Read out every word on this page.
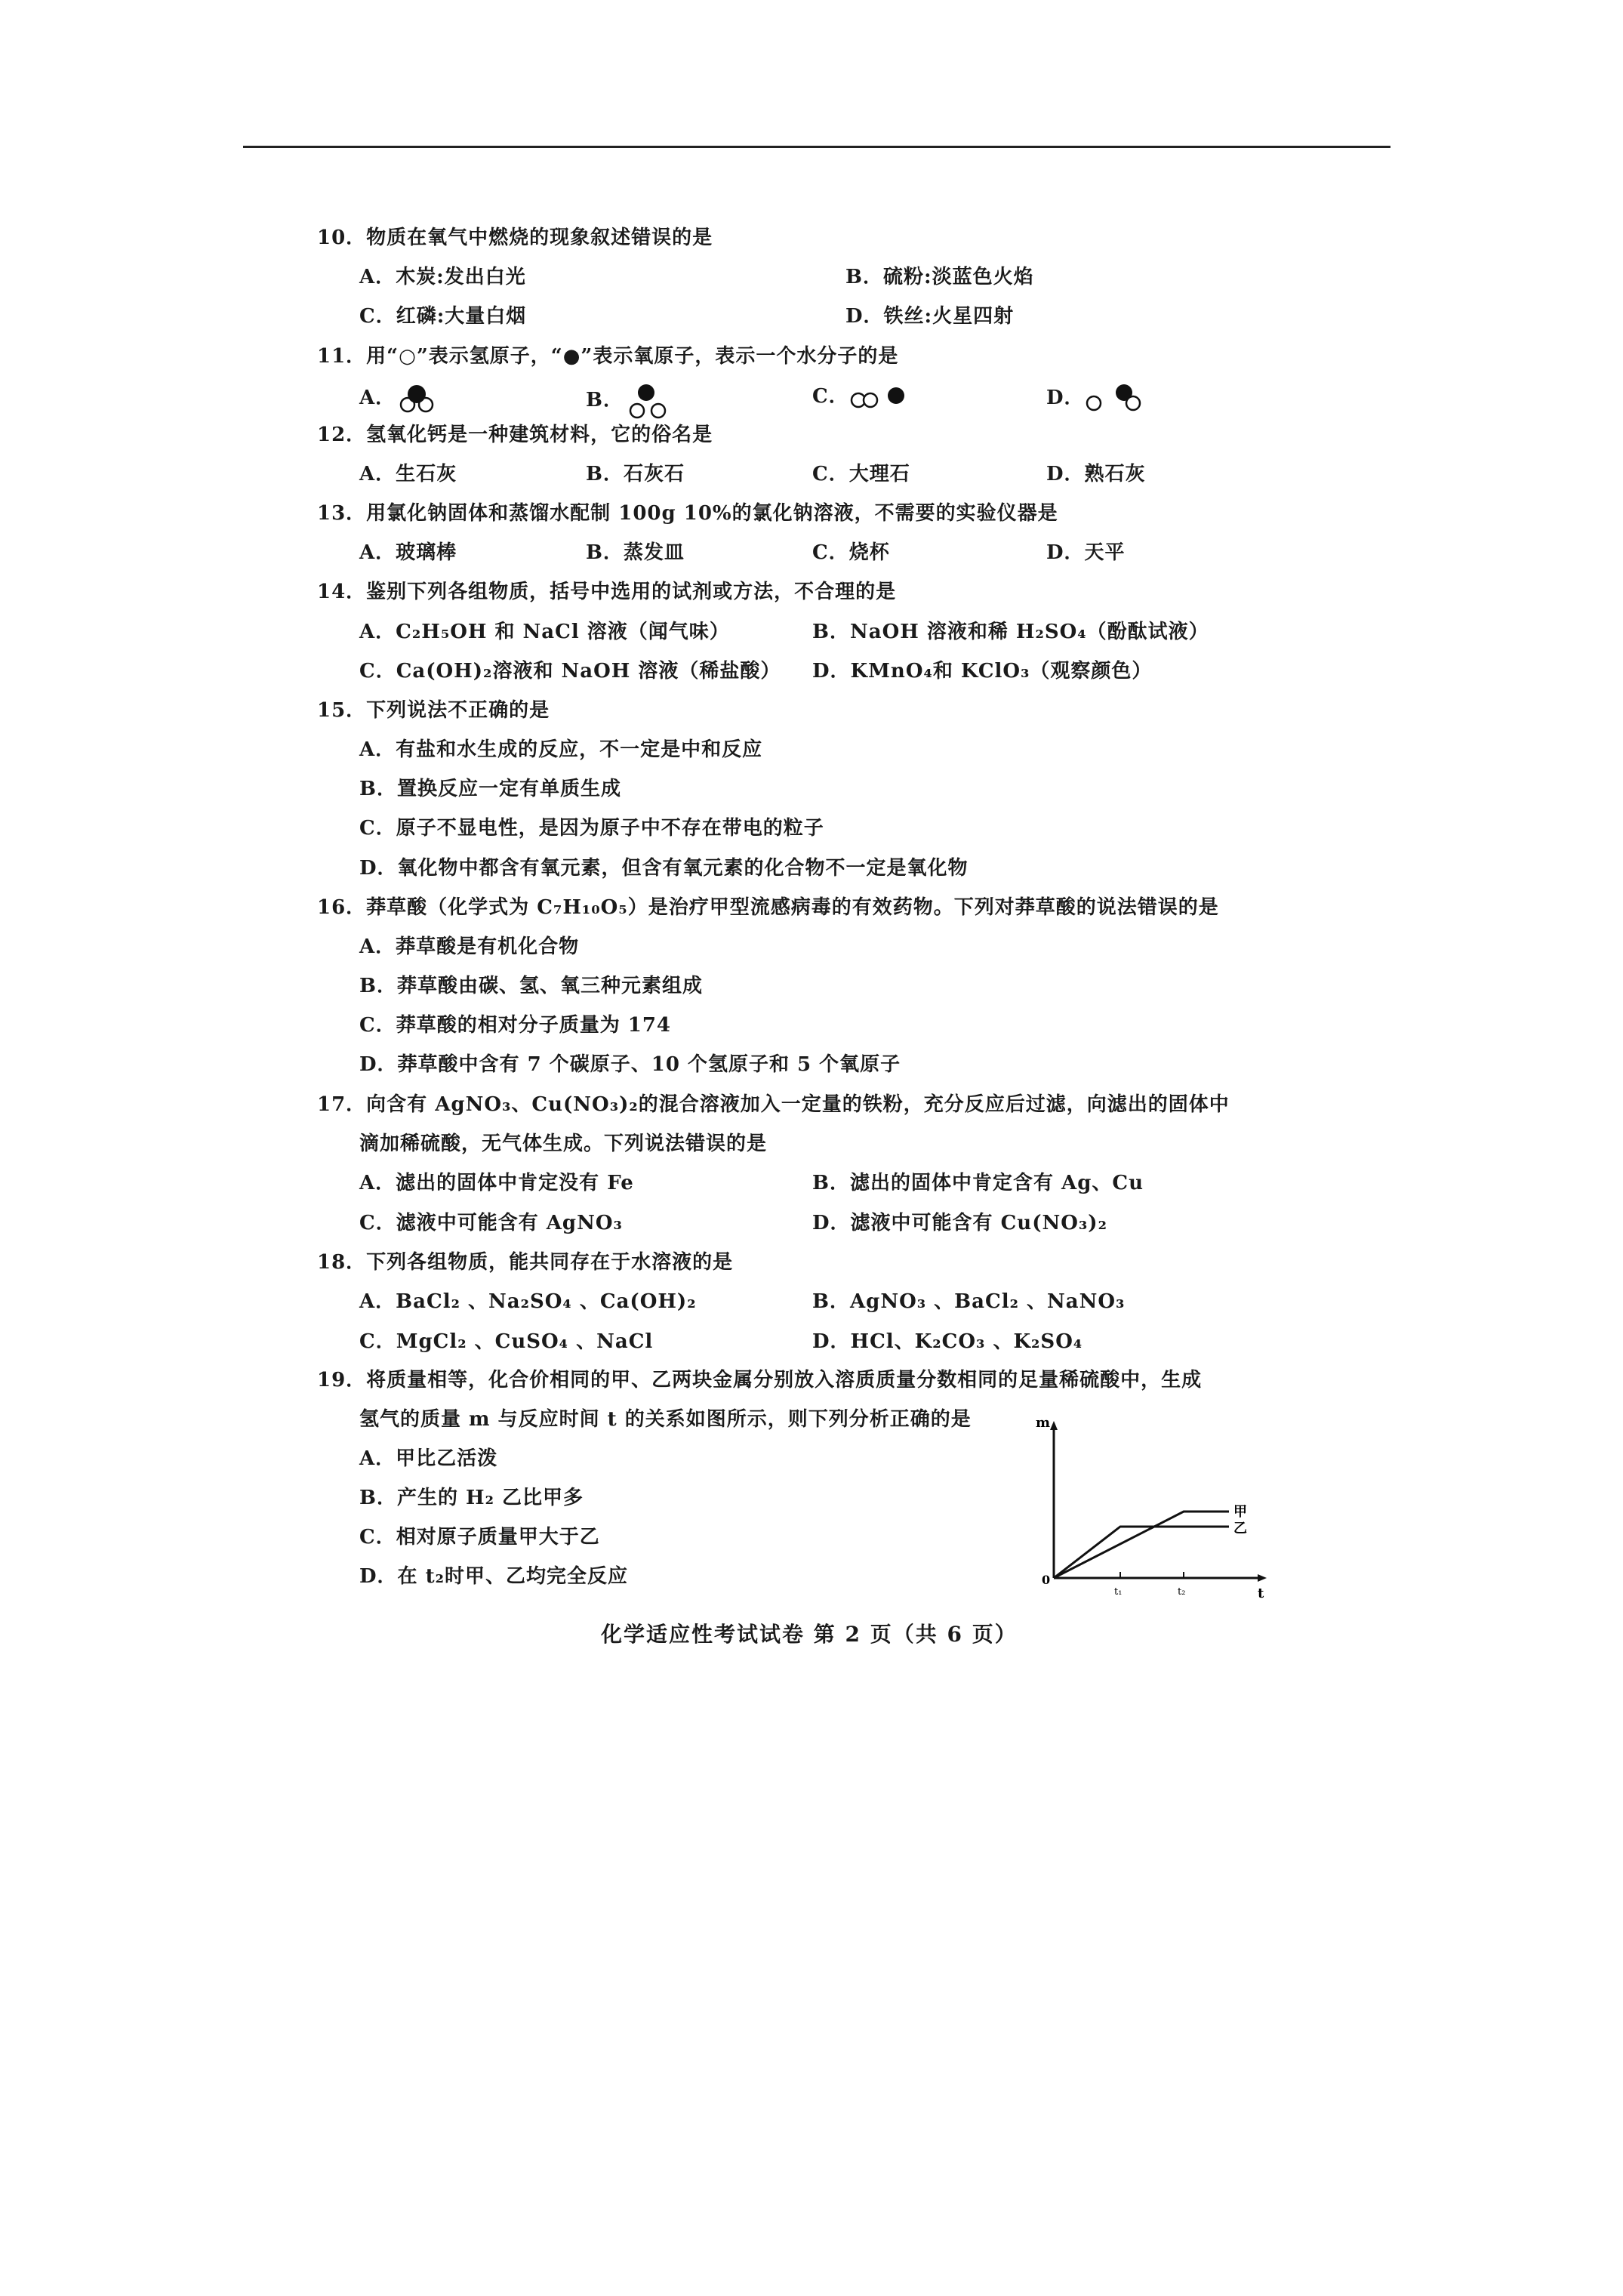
10．物质在氧气中燃烧的现象叙述错误的是
A．木炭:发出白光	B．硫粉:淡蓝色火焰
C．红磷:大量白烟	D．铁丝:火星四射
11．用“○”表示氢原子，“●”表示氧原子，表示一个水分子的是
A．	B．	C．	D．
12．氢氧化钙是一种建筑材料，它的俗名是
A．生石灰	B．石灰石	C．大理石	D．熟石灰
13．用氯化钠固体和蒸馏水配制 100g 10%的氯化钠溶液，不需要的实验仪器是
A．玻璃棒	B．蒸发皿	C．烧杯	D．天平
14．鉴别下列各组物质，括号中选用的试剂或方法，不合理的是
A．C₂H₅OH 和 NaCl 溶液（闻气味）	B．NaOH 溶液和稀 H₂SO₄（酚酞试液）
C．Ca(OH)₂溶液和 NaOH 溶液（稀盐酸） D．KMnO₄和 KClO₃（观察颜色）
15．下列说法不正确的是
A．有盐和水生成的反应，不一定是中和反应
B．置换反应一定有单质生成
C．原子不显电性，是因为原子中不存在带电的粒子
D．氧化物中都含有氧元素，但含有氧元素的化合物不一定是氧化物
16．莽草酸（化学式为 C₇H₁₀O₅）是治疗甲型流感病毒的有效药物。下列对莽草酸的说法错误的是
A．莽草酸是有机化合物
B．莽草酸由碳、氢、氧三种元素组成
C．莽草酸的相对分子质量为 174
D．莽草酸中含有 7 个碳原子、10 个氢原子和 5 个氧原子
17．向含有 AgNO₃、Cu(NO₃)₂的混合溶液加入一定量的铁粉，充分反应后过滤，向滤出的固体中
滴加稀硫酸，无气体生成。下列说法错误的是
A．滤出的固体中肯定没有 Fe	B．滤出的固体中肯定含有 Ag、Cu
C．滤液中可能含有 AgNO₃	D．滤液中可能含有 Cu(NO₃)₂
18．下列各组物质，能共同存在于水溶液的是
A．BaCl₂ 、Na₂SO₄ 、Ca(OH)₂	B．AgNO₃ 、BaCl₂ 、NaNO₃
C．MgCl₂ 、CuSO₄ 、NaCl	D．HCl、K₂CO₃ 、K₂SO₄
19．将质量相等，化合价相同的甲、乙两块金属分别放入溶质质量分数相同的足量稀硫酸中，生成
氢气的质量 m 与反应时间 t 的关系如图所示，则下列分析正确的是
A．甲比乙活泼
B．产生的 H₂ 乙比甲多
C．相对原子质量甲大于乙
D．在 t₂时甲、乙均完全反应
m
t
0
t₁	t₂
甲
乙
化学适应性考试试卷 第 2 页（共 6 页）
